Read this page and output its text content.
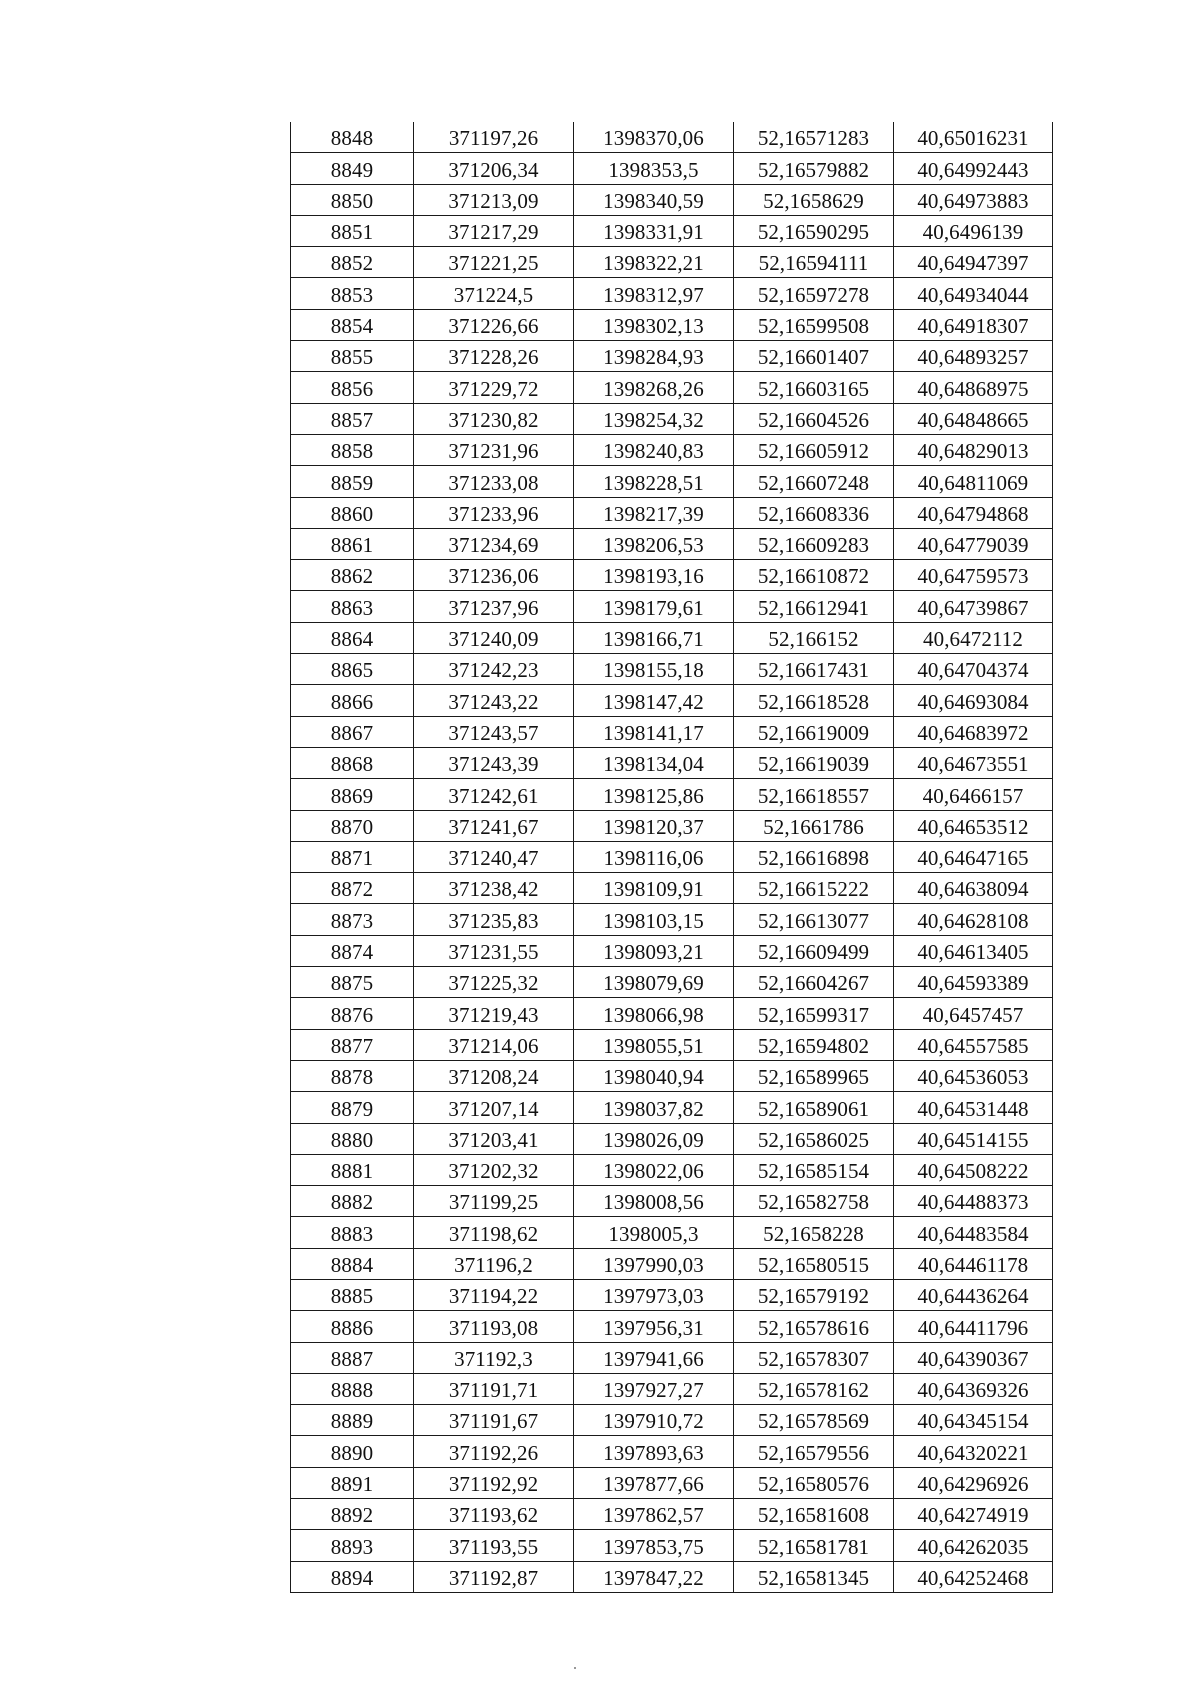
8848	371197,26	1398370,06	52,16571283	40,65016231
8849	371206,34	1398353,5	52,16579882	40,64992443
8850	371213,09	1398340,59	52,1658629	40,64973883
8851	371217,29	1398331,91	52,16590295	40,6496139
8852	371221,25	1398322,21	52,16594111	40,64947397
8853	371224,5	1398312,97	52,16597278	40,64934044
8854	371226,66	1398302,13	52,16599508	40,64918307
8855	371228,26	1398284,93	52,16601407	40,64893257
8856	371229,72	1398268,26	52,16603165	40,64868975
8857	371230,82	1398254,32	52,16604526	40,64848665
8858	371231,96	1398240,83	52,16605912	40,64829013
8859	371233,08	1398228,51	52,16607248	40,64811069
8860	371233,96	1398217,39	52,16608336	40,64794868
8861	371234,69	1398206,53	52,16609283	40,64779039
8862	371236,06	1398193,16	52,16610872	40,64759573
8863	371237,96	1398179,61	52,16612941	40,64739867
8864	371240,09	1398166,71	52,166152	40,6472112
8865	371242,23	1398155,18	52,16617431	40,64704374
8866	371243,22	1398147,42	52,16618528	40,64693084
8867	371243,57	1398141,17	52,16619009	40,64683972
8868	371243,39	1398134,04	52,16619039	40,64673551
8869	371242,61	1398125,86	52,16618557	40,6466157
8870	371241,67	1398120,37	52,1661786	40,64653512
8871	371240,47	1398116,06	52,16616898	40,64647165
8872	371238,42	1398109,91	52,16615222	40,64638094
8873	371235,83	1398103,15	52,16613077	40,64628108
8874	371231,55	1398093,21	52,16609499	40,64613405
8875	371225,32	1398079,69	52,16604267	40,64593389
8876	371219,43	1398066,98	52,16599317	40,6457457
8877	371214,06	1398055,51	52,16594802	40,64557585
8878	371208,24	1398040,94	52,16589965	40,64536053
8879	371207,14	1398037,82	52,16589061	40,64531448
8880	371203,41	1398026,09	52,16586025	40,64514155
8881	371202,32	1398022,06	52,16585154	40,64508222
8882	371199,25	1398008,56	52,16582758	40,64488373
8883	371198,62	1398005,3	52,1658228	40,64483584
8884	371196,2	1397990,03	52,16580515	40,64461178
8885	371194,22	1397973,03	52,16579192	40,64436264
8886	371193,08	1397956,31	52,16578616	40,64411796
8887	371192,3	1397941,66	52,16578307	40,64390367
8888	371191,71	1397927,27	52,16578162	40,64369326
8889	371191,67	1397910,72	52,16578569	40,64345154
8890	371192,26	1397893,63	52,16579556	40,64320221
8891	371192,92	1397877,66	52,16580576	40,64296926
8892	371193,62	1397862,57	52,16581608	40,64274919
8893	371193,55	1397853,75	52,16581781	40,64262035
8894	371192,87	1397847,22	52,16581345	40,64252468
